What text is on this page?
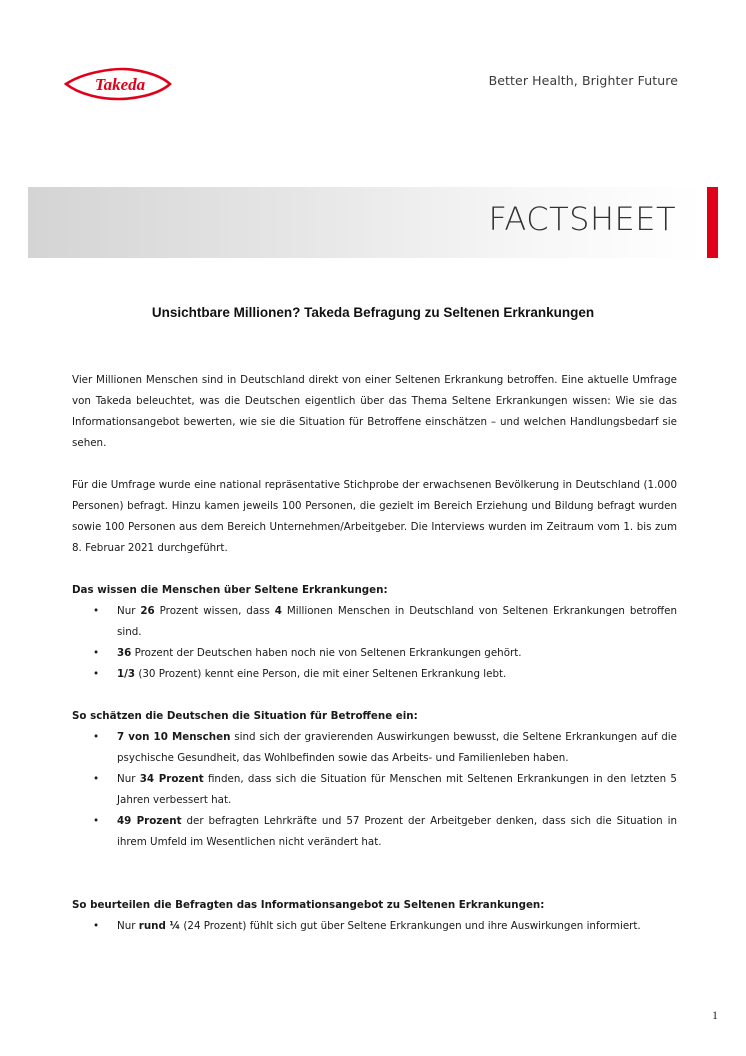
Takeda	Better Health, Brighter Future
FACTSHEET
Unsichtbare Millionen? Takeda Befragung zu Seltenen Erkrankungen

Vier Millionen Menschen sind in Deutschland direkt von einer Seltenen Erkrankung betroffen. Eine aktuelle Umfrage von Takeda beleuchtet, was die Deutschen eigentlich über das Thema Seltene Erkrankungen wissen: Wie sie das Informationsangebot bewerten, wie sie die Situation für Betroffene einschätzen – und welchen Handlungsbedarf sie sehen.

Für die Umfrage wurde eine national repräsentative Stichprobe der erwachsenen Bevölkerung in Deutschland (1.000 Personen) befragt. Hinzu kamen jeweils 100 Personen, die gezielt im Bereich Erziehung und Bildung befragt wurden sowie 100 Personen aus dem Bereich Unternehmen/Arbeitgeber. Die Interviews wurden im Zeitraum vom 1. bis zum 8. Februar 2021 durchgeführt.

Das wissen die Menschen über Seltene Erkrankungen:

• Nur 26 Prozent wissen, dass 4 Millionen Menschen in Deutschland von Seltenen Erkrankungen betroffen sind.
• 36 Prozent der Deutschen haben noch nie von Seltenen Erkrankungen gehört.
• 1/3 (30 Prozent) kennt eine Person, die mit einer Seltenen Erkrankung lebt.

So schätzen die Deutschen die Situation für Betroffene ein:

• 7 von 10 Menschen sind sich der gravierenden Auswirkungen bewusst, die Seltene Erkrankungen auf die psychische Gesundheit, das Wohlbefinden sowie das Arbeits- und Familienleben haben.
• Nur 34 Prozent finden, dass sich die Situation für Menschen mit Seltenen Erkrankungen in den letzten 5 Jahren verbessert hat.
• 49 Prozent der befragten Lehrkräfte und 57 Prozent der Arbeitgeber denken, dass sich die Situation in ihrem Umfeld im Wesentlichen nicht verändert hat.

So beurteilen die Befragten das Informationsangebot zu Seltenen Erkrankungen:

• Nur rund ¼ (24 Prozent) fühlt sich gut über Seltene Erkrankungen und ihre Auswirkungen informiert.
1
